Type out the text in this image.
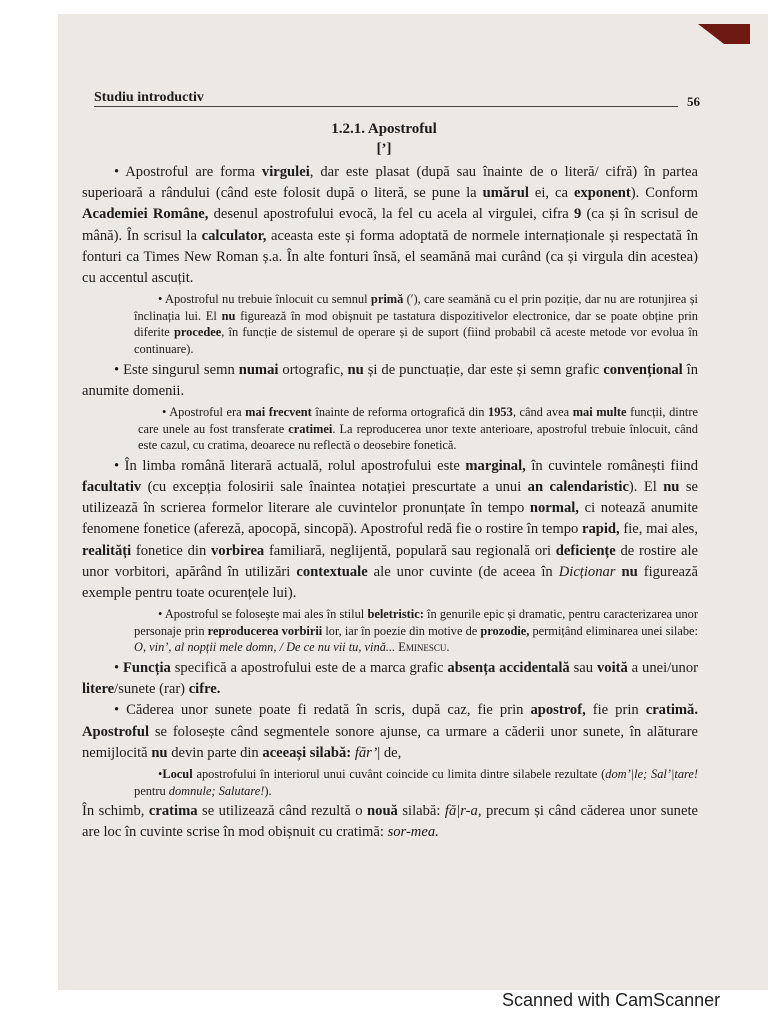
Studiu introductiv	56
1.2.1. Apostroful
[’]

• Apostroful are forma virgulei, dar este plasat (după sau înainte de o literă/ cifră) în partea superioară a rândului (când este folosit după o literă, se pune la umărul ei, ca exponent). Conform Academiei Române, desenul apostrofului evocă, la fel cu acela al virgulei, cifra 9 (ca și în scrisul de mână). În scrisul la calculator, aceasta este și forma adoptată de normele internaționale și respectată în fonturi ca Times New Roman ș.a. În alte fonturi însă, el seamănă mai curând (ca și virgula din acestea) cu accentul ascuțit.

• Apostroful nu trebuie înlocuit cu semnul primă (′), care seamănă cu el prin poziție, dar nu are rotunjirea și înclinația lui. El nu figurează în mod obișnuit pe tastatura dispozitivelor electronice, dar se poate obține prin diferite procedee, în funcție de sistemul de operare și de suport (fiind probabil că aceste metode vor evolua în continuare).

• Este singurul semn numai ortografic, nu și de punctuație, dar este și semn grafic convențional în anumite domenii.

• Apostroful era mai frecvent înainte de reforma ortografică din 1953, când avea mai multe funcții, dintre care unele au fost transferate cratimei. La reproducerea unor texte anterioare, apostroful trebuie înlocuit, când este cazul, cu cratima, deoarece nu reflectă o deosebire fonetică.

• În limba română literară actuală, rolul apostrofului este marginal, în cuvintele românești fiind facultativ (cu excepția folosirii sale înaintea notației prescurtate a unui an calendaristic). El nu se utilizează în scrierea formelor literare ale cuvintelor pronunțate în tempo normal, ci notează anumite fenomene fonetice (afereză, apocopă, sincopă). Apostroful redă fie o rostire în tempo rapid, fie, mai ales, realități fonetice din vorbirea familiară, neglijentă, populară sau regională ori deficiențe de rostire ale unor vorbitori, apărând în utilizări contextuale ale unor cuvinte (de aceea în Dicționar nu figurează exemple pentru toate ocurențele lui).

• Apostroful se folosește mai ales în stilul beletristic: în genurile epic și dramatic, pentru caracterizarea unor personaje prin reproducerea vorbirii lor, iar în poezie din motive de prozodie, permițând eliminarea unei silabe: O, vin’, al nopții mele domn, / De ce nu vii tu, vină... Eminescu.

• Funcția specifică a apostrofului este de a marca grafic absența accidentală sau voită a unei/unor litere/sunete (rar) cifre.

• Căderea unor sunete poate fi redată în scris, după caz, fie prin apostrof, fie prin cratimă. Apostroful se folosește când segmentele sonore ajunse, ca urmare a căderii unor sunete, în alăturare nemijlocită nu devin parte din aceeași silabă: făr’| de,

•Locul apostrofului în interiorul unui cuvânt coincide cu limita dintre silabele rezultate (dom’|le; Sal’|tare! pentru domnule; Salutare!).

În schimb, cratima se utilizează când rezultă o nouă silabă: fă|r-a, precum și când căderea unor sunete are loc în cuvinte scrise în mod obișnuit cu cratimă: sor-mea.

Scanned with CamScanner
